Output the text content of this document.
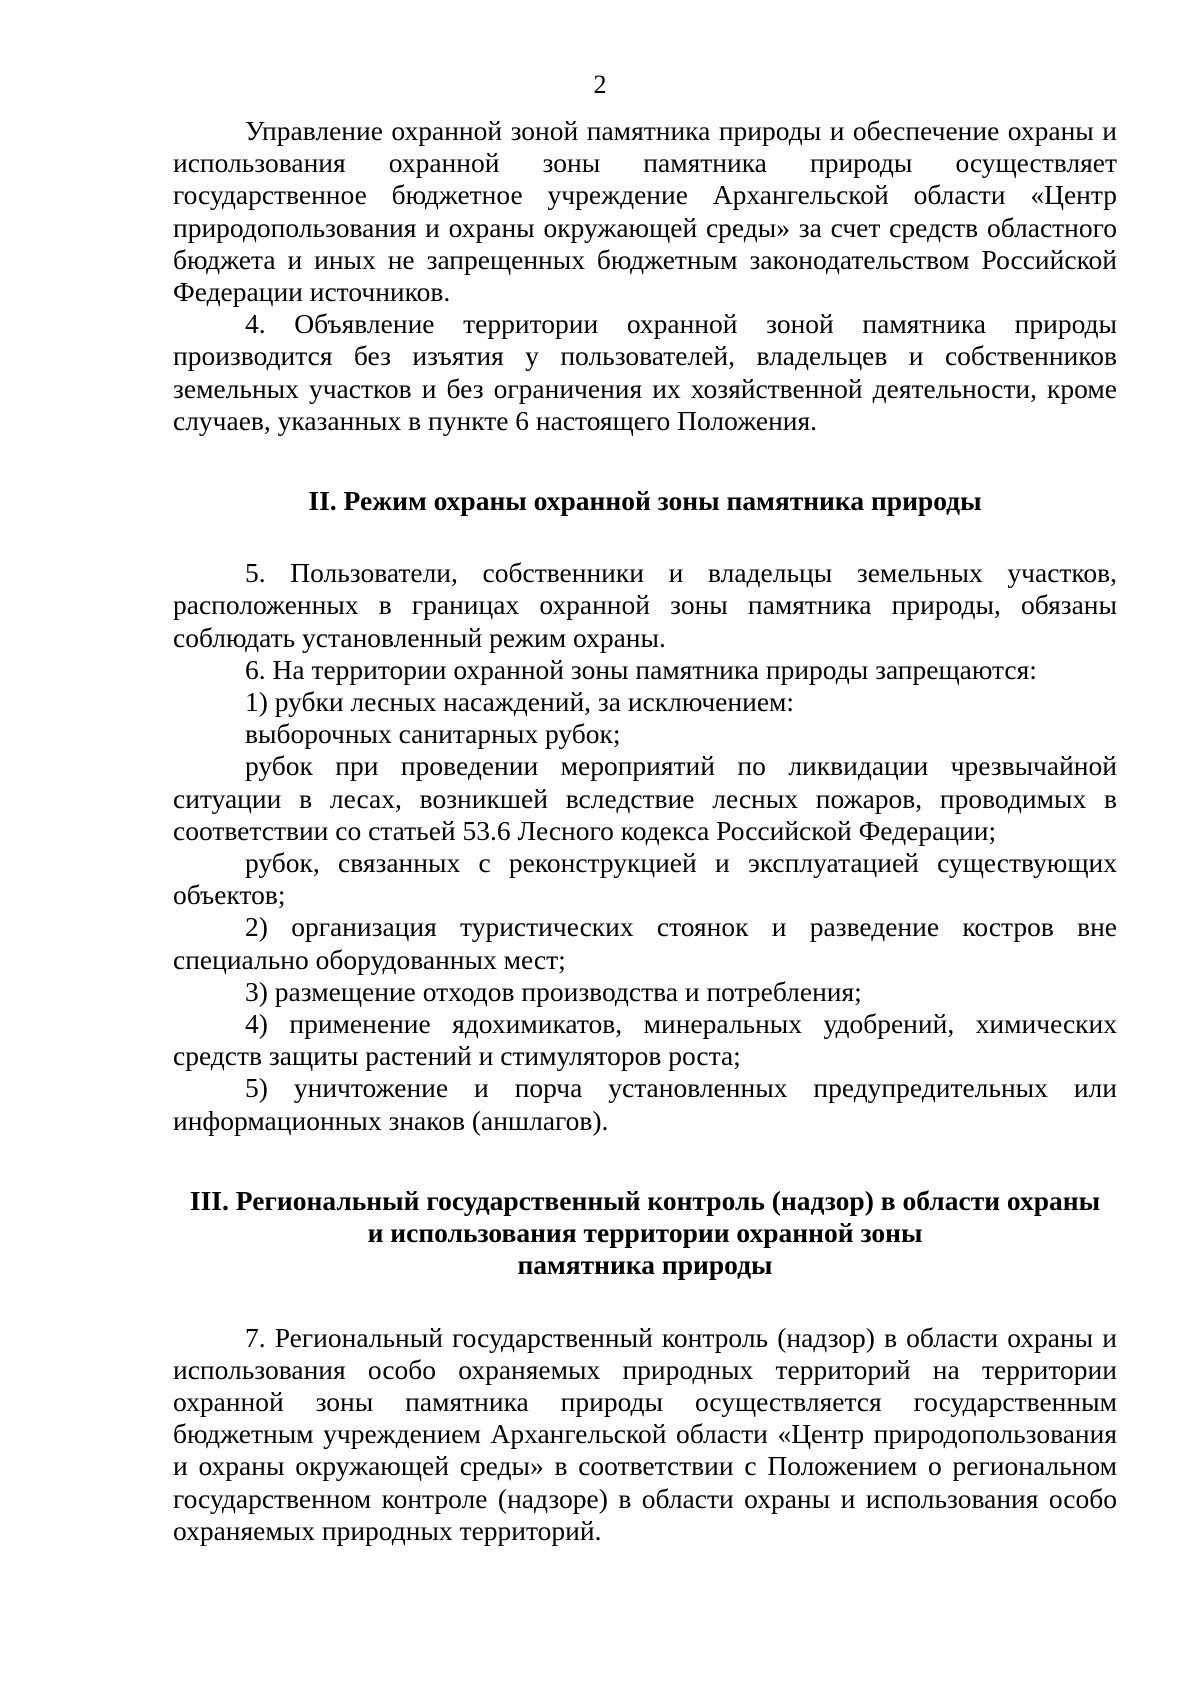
2

Управление охранной зоной памятника природы и обеспечение охраны и использования охранной зоны памятника природы осуществляет государственное бюджетное учреждение Архангельской области «Центр природопользования и охраны окружающей среды» за счет средств областного бюджета и иных не запрещенных бюджетным законодательством Российской Федерации источников.

4. Объявление территории охранной зоной памятника природы производится без изъятия у пользователей, владельцев и собственников земельных участков и без ограничения их хозяйственной деятельности, кроме случаев, указанных в пункте 6 настоящего Положения.

II. Режим охраны охранной зоны памятника природы

5. Пользователи, собственники и владельцы земельных участков, расположенных в границах охранной зоны памятника природы, обязаны соблюдать установленный режим охраны.

6. На территории охранной зоны памятника природы запрещаются:

1) рубки лесных насаждений, за исключением:

выборочных санитарных рубок;

рубок при проведении мероприятий по ликвидации чрезвычайной ситуации в лесах, возникшей вследствие лесных пожаров, проводимых в соответствии со статьей 53.6 Лесного кодекса Российской Федерации;

рубок, связанных с реконструкцией и эксплуатацией существующих объектов;

2) организация туристических стоянок и разведение костров вне специально оборудованных мест;

3) размещение отходов производства и потребления;

4) применение ядохимикатов, минеральных удобрений, химических средств защиты растений и стимуляторов роста;

5) уничтожение и порча установленных предупредительных или информационных знаков (аншлагов).

III. Региональный государственный контроль (надзор) в области охраны
и использования территории охранной зоны
памятника природы

7. Региональный государственный контроль (надзор) в области охраны и использования особо охраняемых природных территорий на территории охранной зоны памятника природы осуществляется государственным бюджетным учреждением Архангельской области «Центр природопользования и охраны окружающей среды» в соответствии с Положением о региональном государственном контроле (надзоре) в области охраны и использования особо охраняемых природных территорий.
